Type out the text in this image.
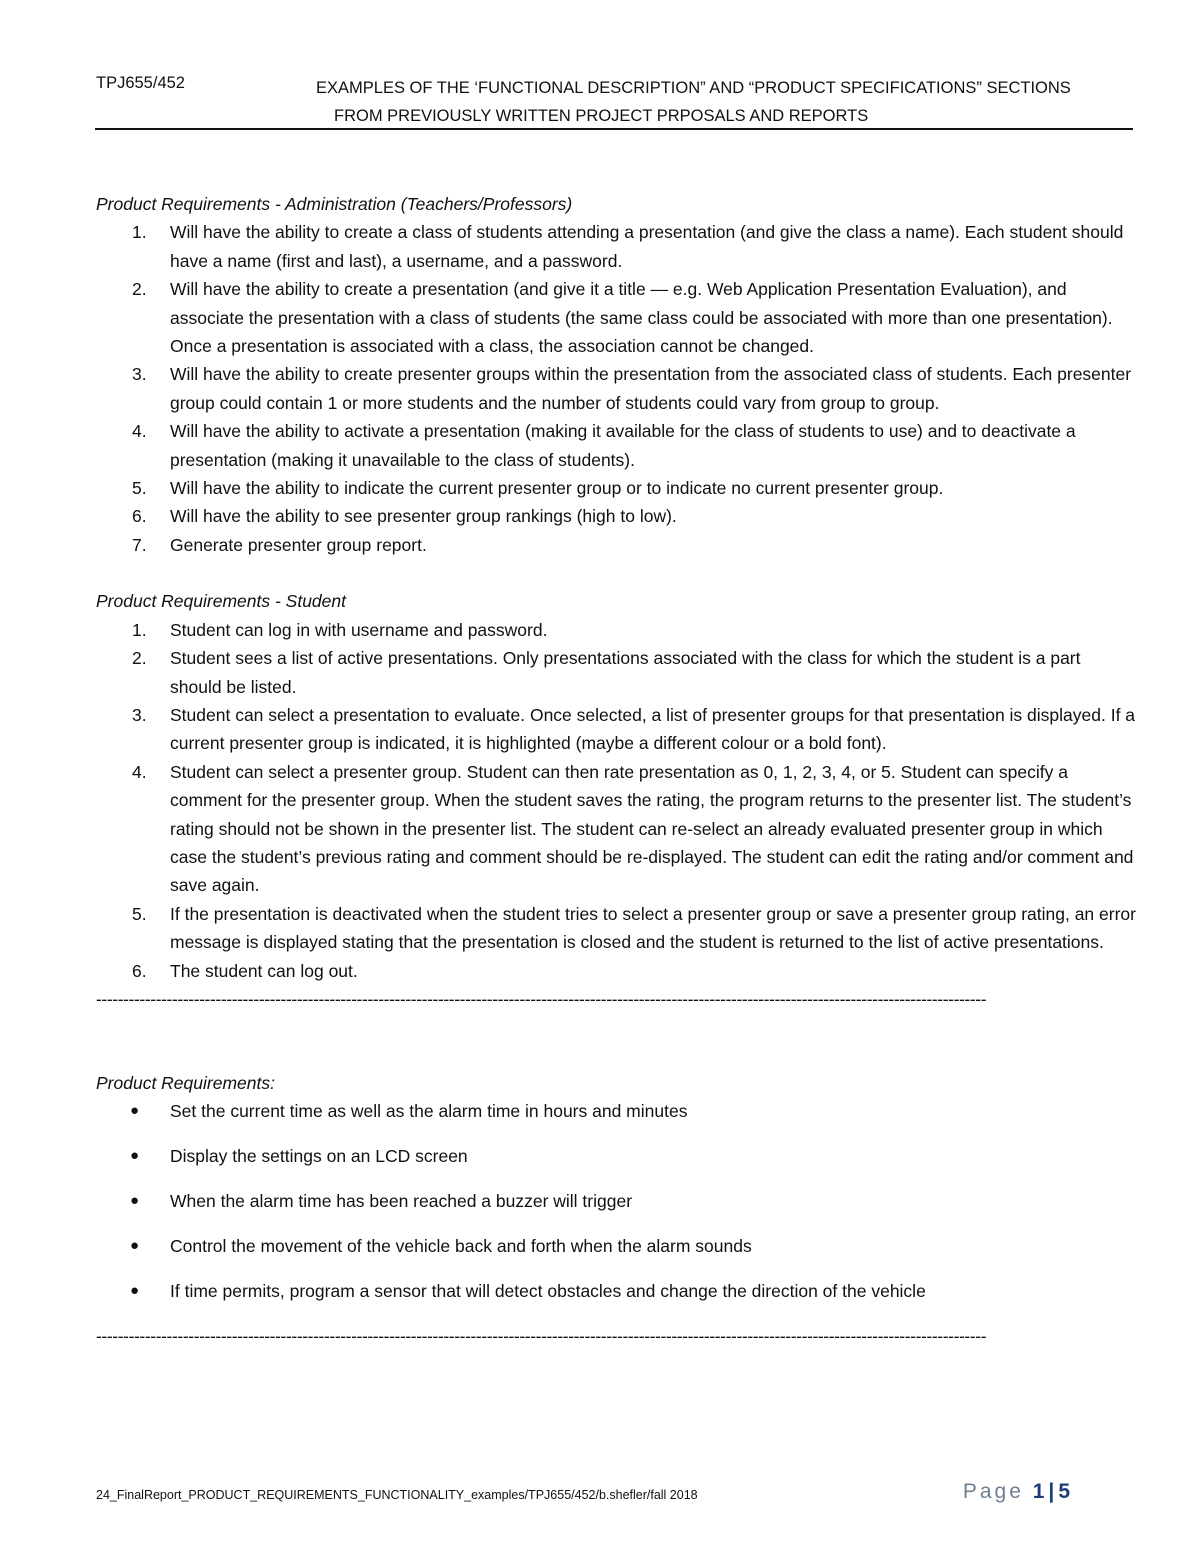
TPJ655/452	EXAMPLES OF THE ‘FUNCTIONAL DESCRIPTION” AND “PRODUCT SPECIFICATIONS” SECTIONS
FROM PREVIOUSLY WRITTEN PROJECT PRPOSALS AND REPORTS

Product Requirements - Administration (Teachers/Professors)

1. Will have the ability to create a class of students attending a presentation (and give the class a name). Each student should have a name (first and last), a username, and a password.
2. Will have the ability to create a presentation (and give it a title — e.g. Web Application Presentation Evaluation), and associate the presentation with a class of students (the same class could be associated with more than one presentation). Once a presentation is associated with a class, the association cannot be changed.
3. Will have the ability to create presenter groups within the presentation from the associated class of students. Each presenter group could contain 1 or more students and the number of students could vary from group to group.
4. Will have the ability to activate a presentation (making it available for the class of students to use) and to deactivate a presentation (making it unavailable to the class of students).
5. Will have the ability to indicate the current presenter group or to indicate no current presenter group.
6. Will have the ability to see presenter group rankings (high to low).
7. Generate presenter group report.

Product Requirements - Student

1. Student can log in with username and password.
2. Student sees a list of active presentations. Only presentations associated with the class for which the student is a part should be listed.
3. Student can select a presentation to evaluate. Once selected, a list of presenter groups for that presentation is displayed. If a current presenter group is indicated, it is highlighted (maybe a different colour or a bold font).
4. Student can select a presenter group. Student can then rate presentation as 0, 1, 2, 3, 4, or 5. Student can specify a comment for the presenter group. When the student saves the rating, the program returns to the presenter list. The student’s rating should not be shown in the presenter list. The student can re-select an already evaluated presenter group in which case the student’s previous rating and comment should be re-displayed. The student can edit the rating and/or comment and save again.
5. If the presentation is deactivated when the student tries to select a presenter group or save a presenter group rating, an error message is displayed stating that the presentation is closed and the student is returned to the list of active presentations.
6. The student can log out.
--------------------------------------------------------------------------------------------------------------------------------------------------------------------

Product Requirements:

● Set the current time as well as the alarm time in hours and minutes
● Display the settings on an LCD screen
● When the alarm time has been reached a buzzer will trigger
● Control the movement of the vehicle back and forth when the alarm sounds
● If time permits, program a sensor that will detect obstacles and change the direction of the vehicle
--------------------------------------------------------------------------------------------------------------------------------------------------------------------
24_FinalReport_PRODUCT_REQUIREMENTS_FUNCTIONALITY_examples/TPJ655/452/b.shefler/fall 2018	Page 1 | 5
